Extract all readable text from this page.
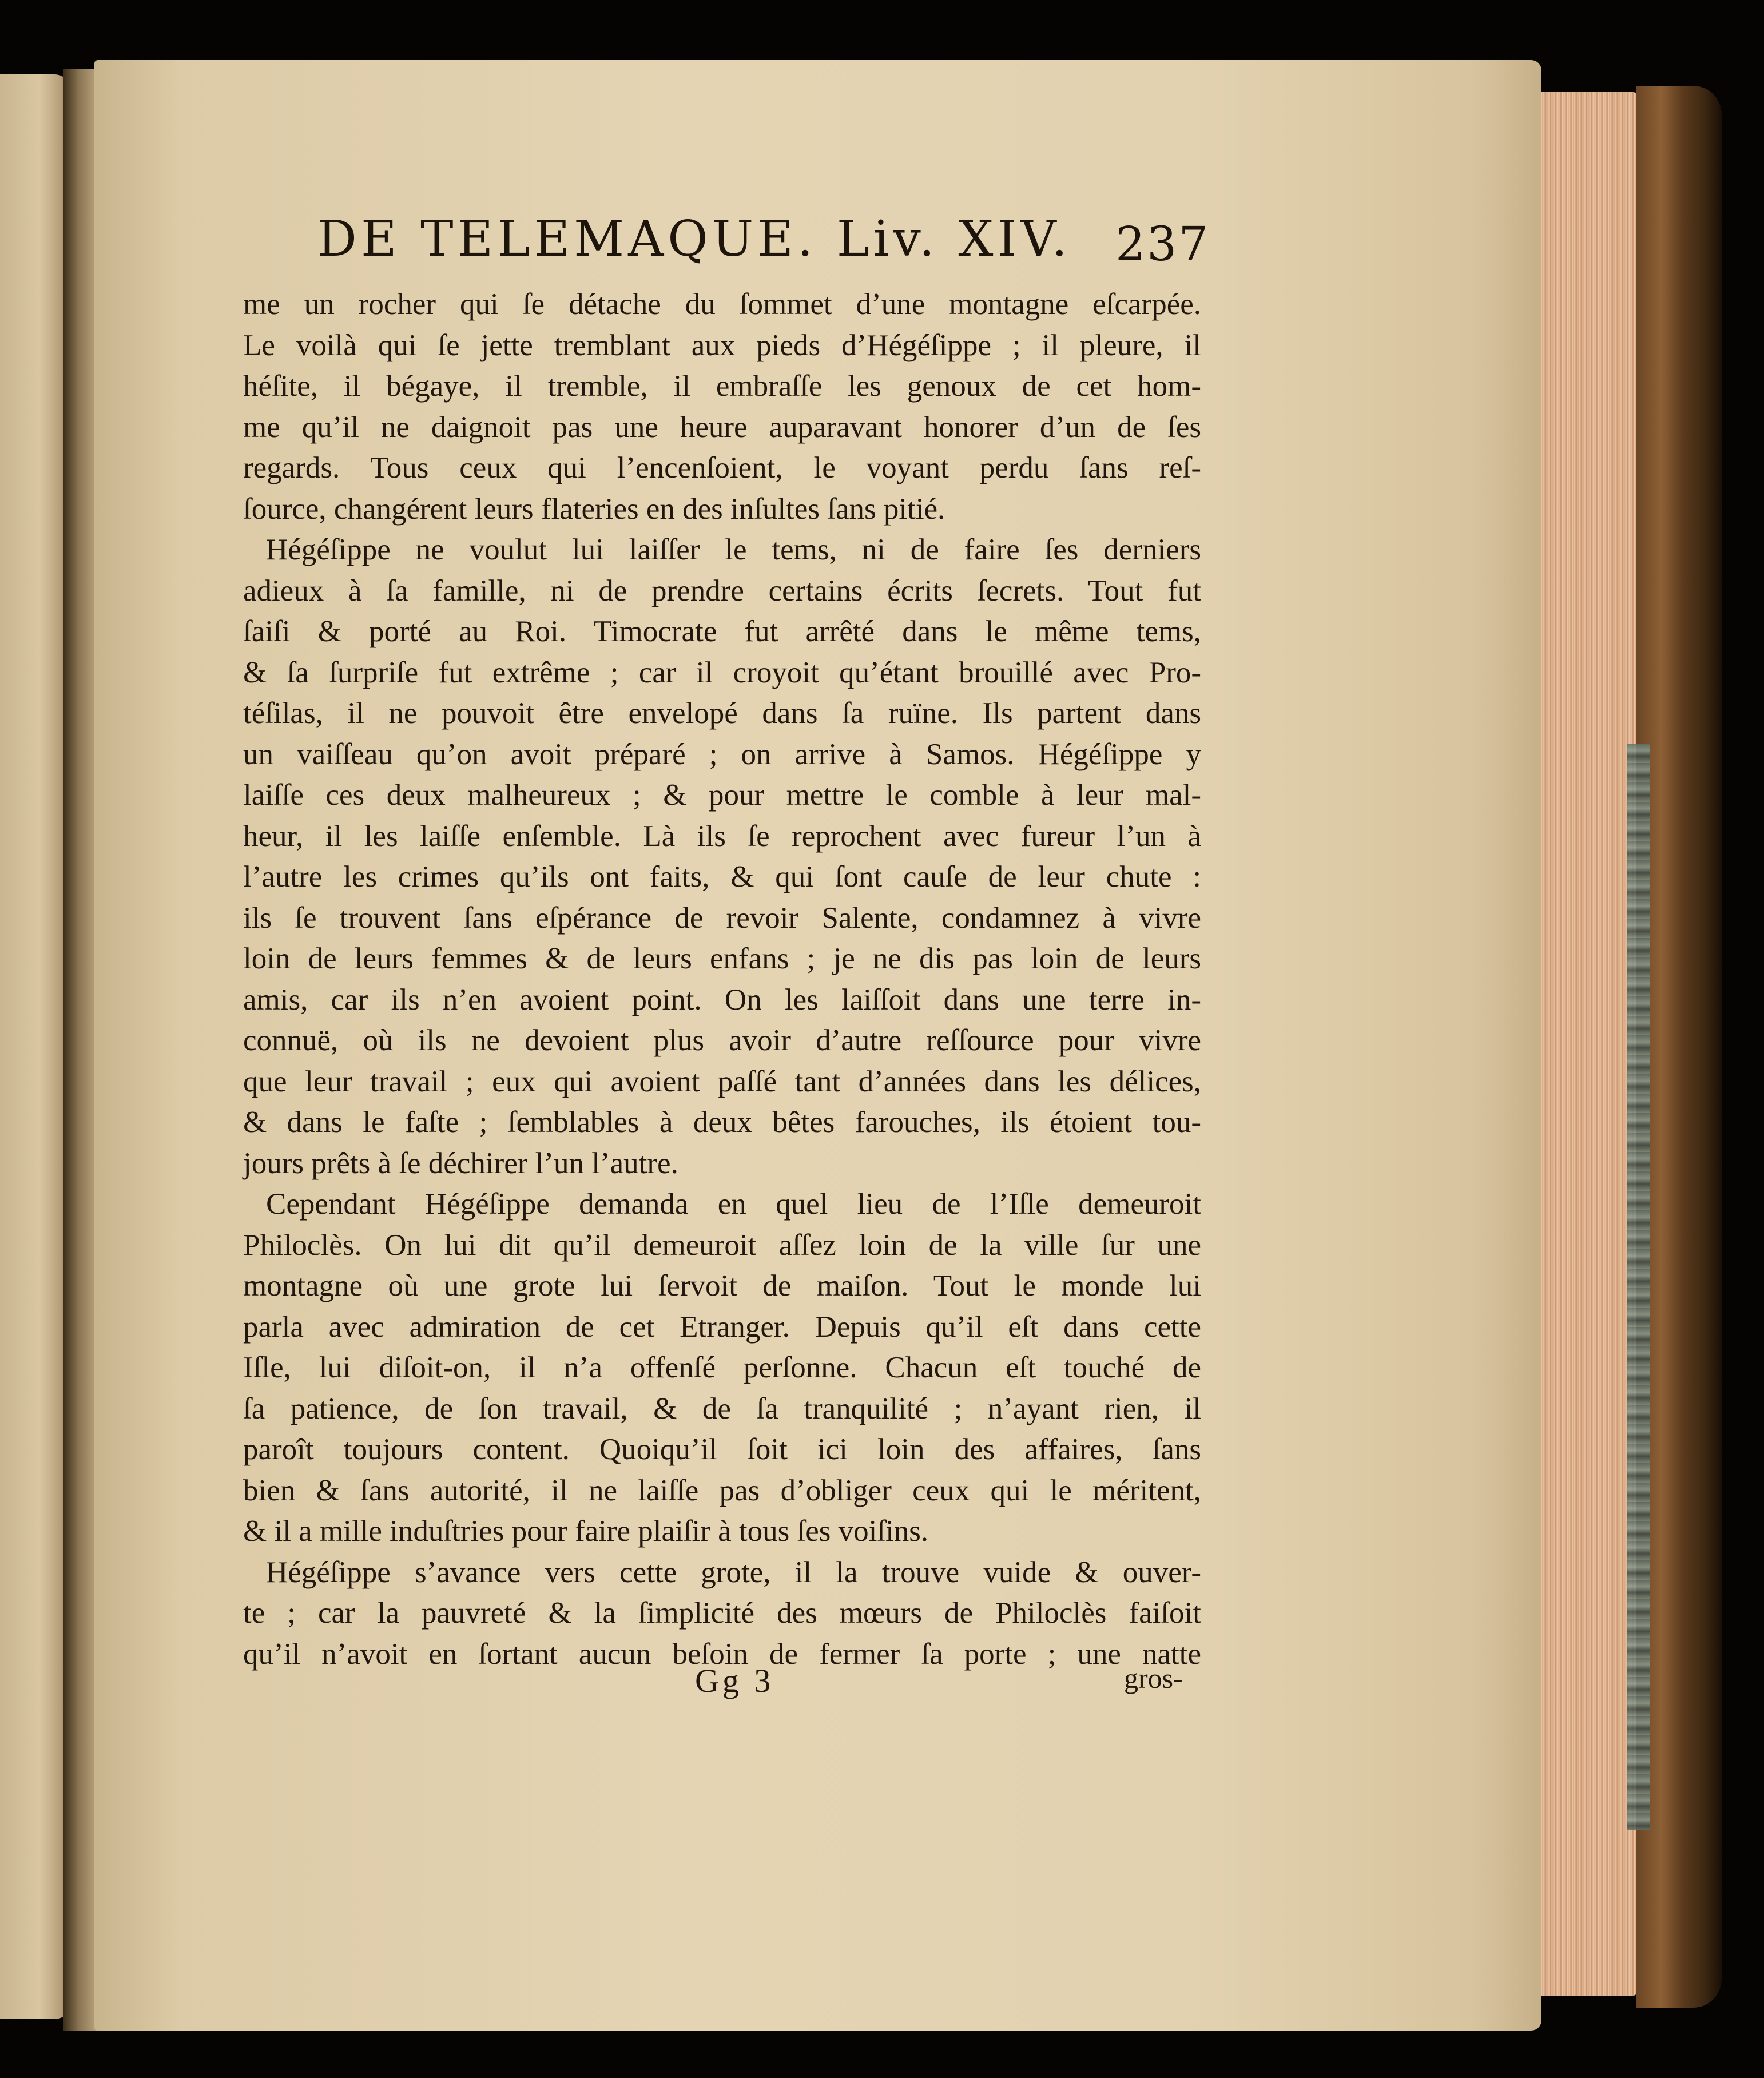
DE TELEMAQUE. Liv. XIV. 237
me un rocher qui ſe détache du ſommet d’une montagne eſcarpée.
Le voilà qui ſe jette tremblant aux pieds d’Hégéſippe ; il pleure, il
héſite, il bégaye, il tremble, il embraſſe les genoux de cet hom-
me qu’il ne daignoit pas une heure auparavant honorer d’un de ſes
regards. Tous ceux qui l’encenſoient, le voyant perdu ſans reſ-
ſource, changérent leurs flateries en des inſultes ſans pitié.
Hégéſippe ne voulut lui laiſſer le tems, ni de faire ſes derniers
adieux à ſa famille, ni de prendre certains écrits ſecrets. Tout fut
ſaiſi & porté au Roi. Timocrate fut arrêté dans le même tems,
& ſa ſurpriſe fut extrême ; car il croyoit qu’étant brouillé avec Pro-
téſilas, il ne pouvoit être envelopé dans ſa ruïne. Ils partent dans
un vaiſſeau qu’on avoit préparé ; on arrive à Samos. Hégéſippe y
laiſſe ces deux malheureux ; & pour mettre le comble à leur mal-
heur, il les laiſſe enſemble. Là ils ſe reprochent avec fureur l’un à
l’autre les crimes qu’ils ont faits, & qui ſont cauſe de leur chute :
ils ſe trouvent ſans eſpérance de revoir Salente, condamnez à vivre
loin de leurs femmes & de leurs enfans ; je ne dis pas loin de leurs
amis, car ils n’en avoient point. On les laiſſoit dans une terre in-
connuë, où ils ne devoient plus avoir d’autre reſſource pour vivre
que leur travail ; eux qui avoient paſſé tant d’années dans les délices,
& dans le faſte ; ſemblables à deux bêtes farouches, ils étoient tou-
jours prêts à ſe déchirer l’un l’autre.
Cependant Hégéſippe demanda en quel lieu de l’Iſle demeuroit
Philoclès. On lui dit qu’il demeuroit aſſez loin de la ville ſur une
montagne où une grote lui ſervoit de maiſon. Tout le monde lui
parla avec admiration de cet Etranger. Depuis qu’il eſt dans cette
Iſle, lui diſoit-on, il n’a offenſé perſonne. Chacun eſt touché de
ſa patience, de ſon travail, & de ſa tranquilité ; n’ayant rien, il
paroît toujours content. Quoiqu’il ſoit ici loin des affaires, ſans
bien & ſans autorité, il ne laiſſe pas d’obliger ceux qui le méritent,
& il a mille induſtries pour faire plaiſir à tous ſes voiſins.
Hégéſippe s’avance vers cette grote, il la trouve vuide & ouver-
te ; car la pauvreté & la ſimplicité des mœurs de Philoclès faiſoit
qu’il n’avoit en ſortant aucun beſoin de fermer ſa porte ; une natte
Gg 3	gros-
